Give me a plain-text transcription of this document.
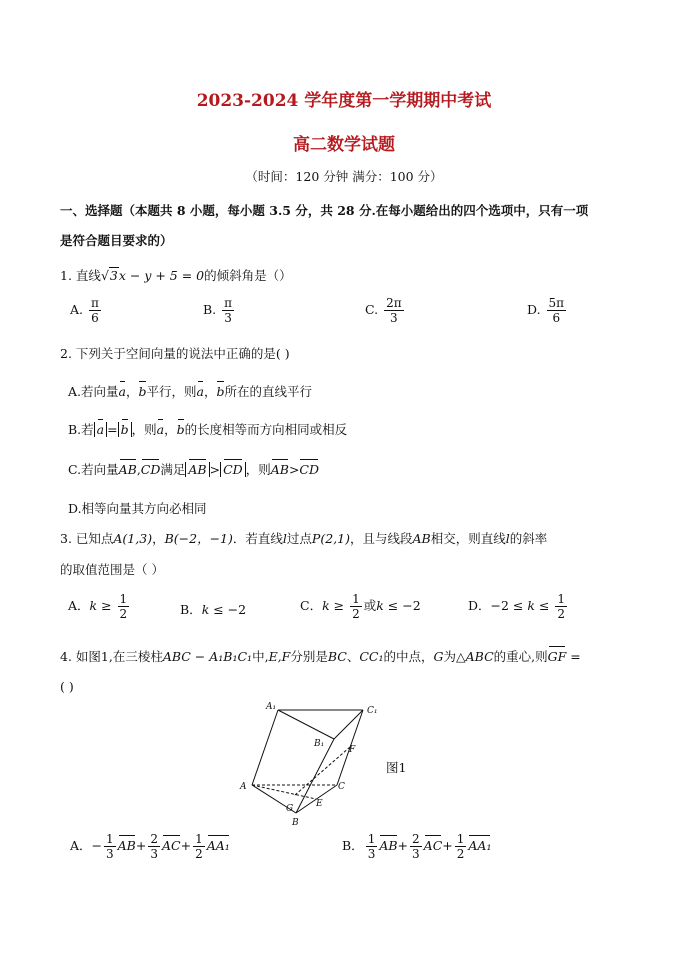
2023-2024 学年度第一学期期中考试
高二数学试题
（时间：120 分钟 满分：100 分）
一、选择题（本题共 8 小题，每小题 3.5 分，共 28 分.在每小题给出的四个选项中，只有一项
是符合题目要求的）
1. 直线√3x − y + 5 = 0的倾斜角是（）
A. $\frac{\pi}{6}$	B. $\frac{\pi}{3}$	C. $\frac{2\pi}{3}$	D. $\frac{5\pi}{6}$
2. 下列关于空间向量的说法中正确的是( )
A.若向量a，b平行，则a，b所在的直线平行
B.若 a = b ，则a，b的长度相等而方向相同或相反
C.若向量AB,CD满足 AB > CD ，则AB>CD
D.相等向量其方向必相同
3. 已知点A(1,3)，B(−2，−1)．若直线l过点P(2,1)，且与线段AB相交，则直线l的斜率
的取值范围是（ ）
A．$k \ge \frac{1}{2}$	B．k ≤ −2	C．$k \ge \frac{1}{2}$ 或k ≤ −2	D．$-2 \le k \le \frac{1}{2}$
4. 如图1,在三棱柱ABC − A₁B₁C₁中,E,F分别是BC、CC₁的中点，G为△ABC的重心,则GF =
( )
A₁	C₁
B₁
F
A	C
G	E
B
图1
A．− $\frac{1}{3} AB+ \frac{2}{3} AC+ \frac{1}{2} AA_1$	B． $\frac{1}{3} AB+ \frac{2}{3} AC+ \frac{1}{2} AA_1$
